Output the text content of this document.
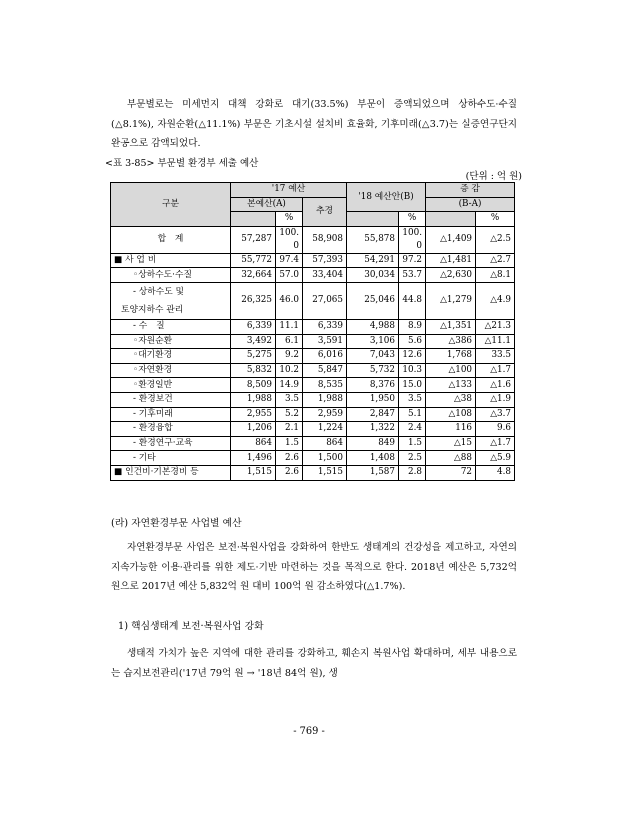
부문별로는 미세먼지 대책 강화로 대기(33.5%) 부문이 증액되었으며 상하수도·수질(△8.1%), 자원순환(△11.1%) 부문은 기초시설 설치비 효율화, 기후미래(△3.7)는 실증연구단지 완공으로 감액되었다.

<표 3-85> 부문별 환경부 세출 예산
(단위 : 억 원)
구분	'17 예산			'18 예산안(B)		증 감	
	본예산(A)		추경			(B-A)	
		%			%		%
합　계	57,287	100.0	58,908	55,878	100.0	△1,409	△2.5
■ 사 업 비	55,772	97.4	57,393	54,291	97.2	△1,481	△2.7
◦상하수도·수질	32,664	57.0	33,404	30,034	53.7	△2,630	△8.1

- 상하수도 및
토양지하수 관리	26,325	46.0	27,065	25,046	44.8	△1,279	△4.9
- 수　질	6,339	11.1	6,339	4,988	8.9	△1,351	△21.3
◦자원순환	3,492	6.1	3,591	3,106	5.6	△386	△11.1
◦대기환경	5,275	9.2	6,016	7,043	12.6	1,768	33.5
◦자연환경	5,832	10.2	5,847	5,732	10.3	△100	△1.7
◦환경일반	8,509	14.9	8,535	8,376	15.0	△133	△1.6
- 환경보건	1,988	3.5	1,988	1,950	3.5	△38	△1.9
- 기후미래	2,955	5.2	2,959	2,847	5.1	△108	△3.7
- 환경융합	1,206	2.1	1,224	1,322	2.4	116	9.6
- 환경연구·교육	864	1.5	864	849	1.5	△15	△1.7
- 기타	1,496	2.6	1,500	1,408	2.5	△88	△5.9
■ 인건비·기본경비 등	1,515	2.6	1,515	1,587	2.8	72	4.8
(라) 자연환경부문 사업별 예산

자연환경부문 사업은 보전·복원사업을 강화하여 한반도 생태계의 건강성을 제고하고, 자연의 지속가능한 이용·관리를 위한 제도·기반 마련하는 것을 목적으로 한다. 2018년 예산은 5,732억 원으로 2017년 예산 5,832억 원 대비 100억 원 감소하였다(△1.7%).

1) 핵심생태계 보전·복원사업 강화

생태적 가치가 높은 지역에 대한 관리를 강화하고, 훼손지 복원사업 확대하며, 세부 내용으로는 습지보전관리('17년 79억 원 → '18년 84억 원), 생

- 769 -
